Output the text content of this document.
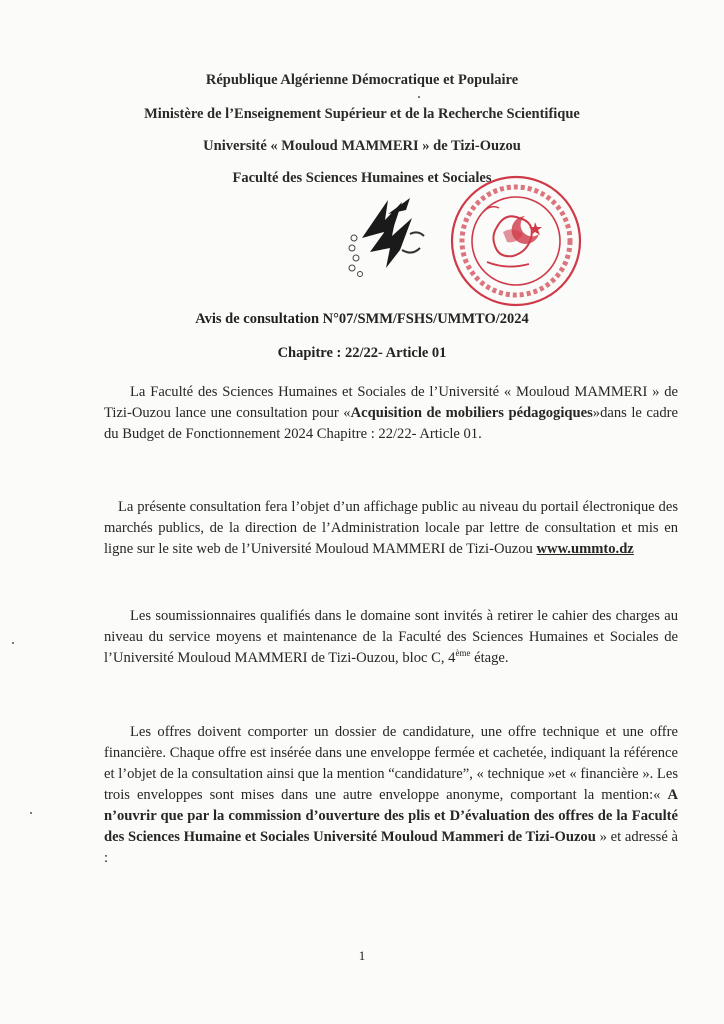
République Algérienne Démocratique et Populaire
Ministère de l’Enseignement Supérieur et de la Recherche Scientifique
Université « Mouloud MAMMERI » de Tizi-Ouzou
Faculté des Sciences Humaines et Sociales
Avis de consultation N°07/SMM/FSHS/UMMTO/2024
Chapitre : 22/22- Article 01
La Faculté des Sciences Humaines et Sociales de l’Université « Mouloud MAMMERI » de Tizi-Ouzou lance une consultation pour «Acquisition de mobiliers pédagogiques»dans le cadre du Budget de Fonctionnement 2024 Chapitre : 22/22- Article 01.
La présente consultation fera l’objet d’un affichage public au niveau du portail électronique des marchés publics, de la direction de l’Administration locale par lettre de consultation et mis en ligne sur le site web de l’Université Mouloud MAMMERI de Tizi-Ouzou www.ummto.dz
Les soumissionnaires qualifiés dans le domaine sont invités à retirer le cahier des charges au niveau du service moyens et maintenance de la Faculté des Sciences Humaines et Sociales de l’Université Mouloud MAMMERI de Tizi-Ouzou, bloc C, 4ème étage.
Les offres doivent comporter un dossier de candidature, une offre technique et une offre financière. Chaque offre est insérée dans une enveloppe fermée et cachetée, indiquant la référence et l’objet de la consultation ainsi que la mention “candidature”, « technique »et « financière ». Les trois enveloppes sont mises dans une autre enveloppe anonyme, comportant la mention:« A n’ouvrir que par la commission d’ouverture des plis et D’évaluation des offres de la Faculté des Sciences Humaine et Sociales Université Mouloud Mammeri de Tizi-Ouzou » et adressé à :
1
